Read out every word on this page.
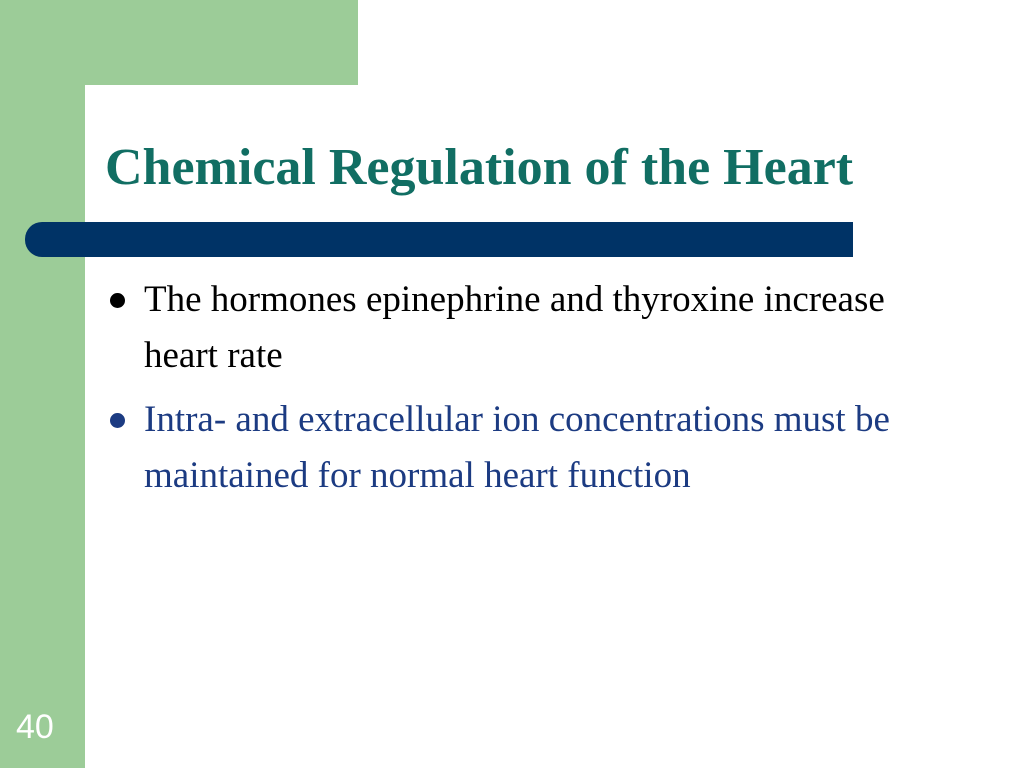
Chemical Regulation of the Heart
The hormones epinephrine and thyroxine increase heart rate
Intra- and extracellular ion concentrations must be maintained for normal heart function
40
